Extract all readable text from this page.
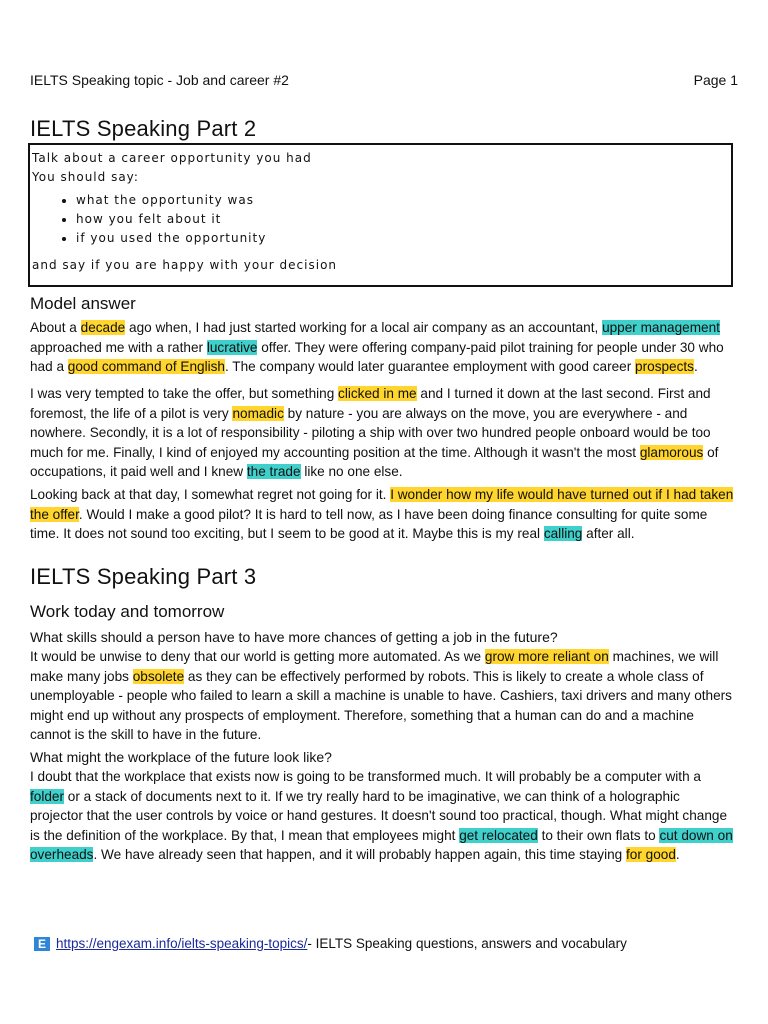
IELTS Speaking topic - Job and career #2	Page 1
IELTS Speaking Part 2
Talk about a career opportunity you had
You should say:
• what the opportunity was
• how you felt about it
• if you used the opportunity
and say if you are happy with your decision
Model answer

About a decade ago when, I had just started working for a local air company as an accountant, upper management approached me with a rather lucrative offer. They were offering company-paid pilot training for people under 30 who had a good command of English. The company would later guarantee employment with good career prospects.

I was very tempted to take the offer, but something clicked in me and I turned it down at the last second. First and foremost, the life of a pilot is very nomadic by nature - you are always on the move, you are everywhere - and nowhere. Secondly, it is a lot of responsibility - piloting a ship with over two hundred people onboard would be too much for me. Finally, I kind of enjoyed my accounting position at the time. Although it wasn't the most glamorous of occupations, it paid well and I knew the trade like no one else.

Looking back at that day, I somewhat regret not going for it. I wonder how my life would have turned out if I had taken the offer. Would I make a good pilot? It is hard to tell now, as I have been doing finance consulting for quite some time. It does not sound too exciting, but I seem to be good at it. Maybe this is my real calling after all.

IELTS Speaking Part 3
Work today and tomorrow

What skills should a person have to have more chances of getting a job in the future?

It would be unwise to deny that our world is getting more automated. As we grow more reliant on machines, we will make many jobs obsolete as they can be effectively performed by robots. This is likely to create a whole class of unemployable - people who failed to learn a skill a machine is unable to have. Cashiers, taxi drivers and many others might end up without any prospects of employment. Therefore, something that a human can do and a machine cannot is the skill to have in the future.

What might the workplace of the future look like?

I doubt that the workplace that exists now is going to be transformed much. It will probably be a computer with a folder or a stack of documents next to it. If we try really hard to be imaginative, we can think of a holographic projector that the user controls by voice or hand gestures. It doesn't sound too practical, though. What might change is the definition of the workplace. By that, I mean that employees might get relocated to their own flats to cut down on overheads. We have already seen that happen, and it will probably happen again, this time staying for good.

E https://engexam.info/ielts-speaking-topics/ - IELTS Speaking questions, answers and vocabulary
